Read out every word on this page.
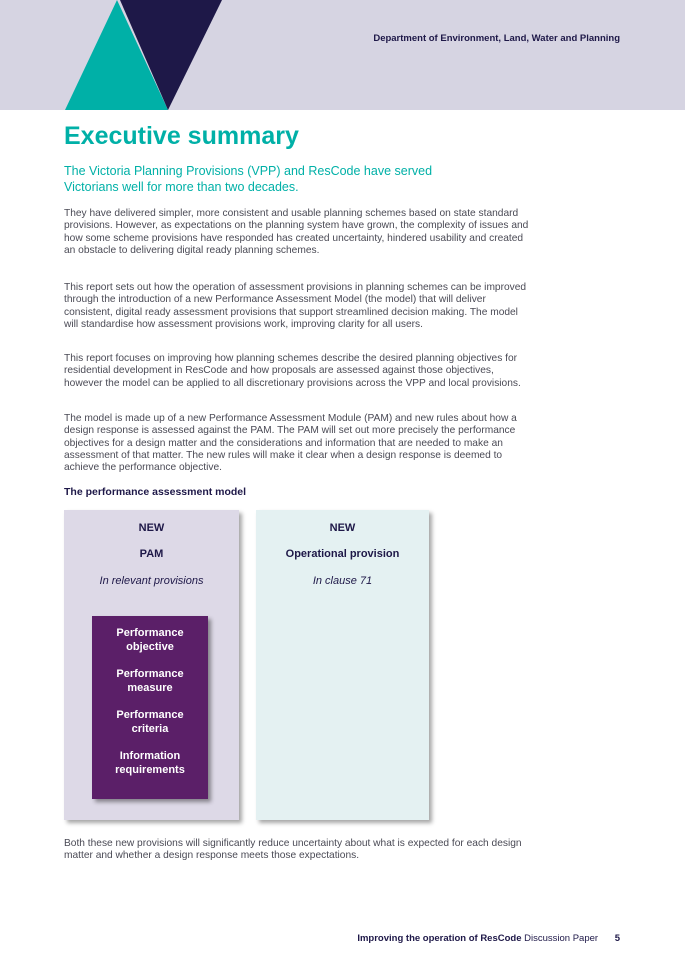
Department of Environment, Land, Water and Planning
Executive summary
The Victoria Planning Provisions (VPP) and ResCode have served Victorians well for more than two decades.

They have delivered simpler, more consistent and usable planning schemes based on state standard provisions. However, as expectations on the planning system have grown, the complexity of issues and how some scheme provisions have responded has created uncertainty, hindered usability and created an obstacle to delivering digital ready planning schemes.

This report sets out how the operation of assessment provisions in planning schemes can be improved through the introduction of a new Performance Assessment Model (the model) that will deliver consistent, digital ready assessment provisions that support streamlined decision making. The model will standardise how assessment provisions work, improving clarity for all users.

This report focuses on improving how planning schemes describe the desired planning objectives for residential development in ResCode and how proposals are assessed against those objectives, however the model can be applied to all discretionary provisions across the VPP and local provisions.

The model is made up of a new Performance Assessment Module (PAM) and new rules about how a design response is assessed against the PAM. The PAM will set out more precisely the performance objectives for a design matter and the considerations and information that are needed to make an assessment of that matter. The new rules will make it clear when a design response is deemed to achieve the performance objective.

The performance assessment model
NEW
PAM
In relevant provisions
Performance objective
Performance measure
Performance criteria
Information requirements
NEW
Operational provision
In clause 71
Both these new provisions will significantly reduce uncertainty about what is expected for each design matter and whether a design response meets those expectations.
Improving the operation of ResCode Discussion Paper 5
